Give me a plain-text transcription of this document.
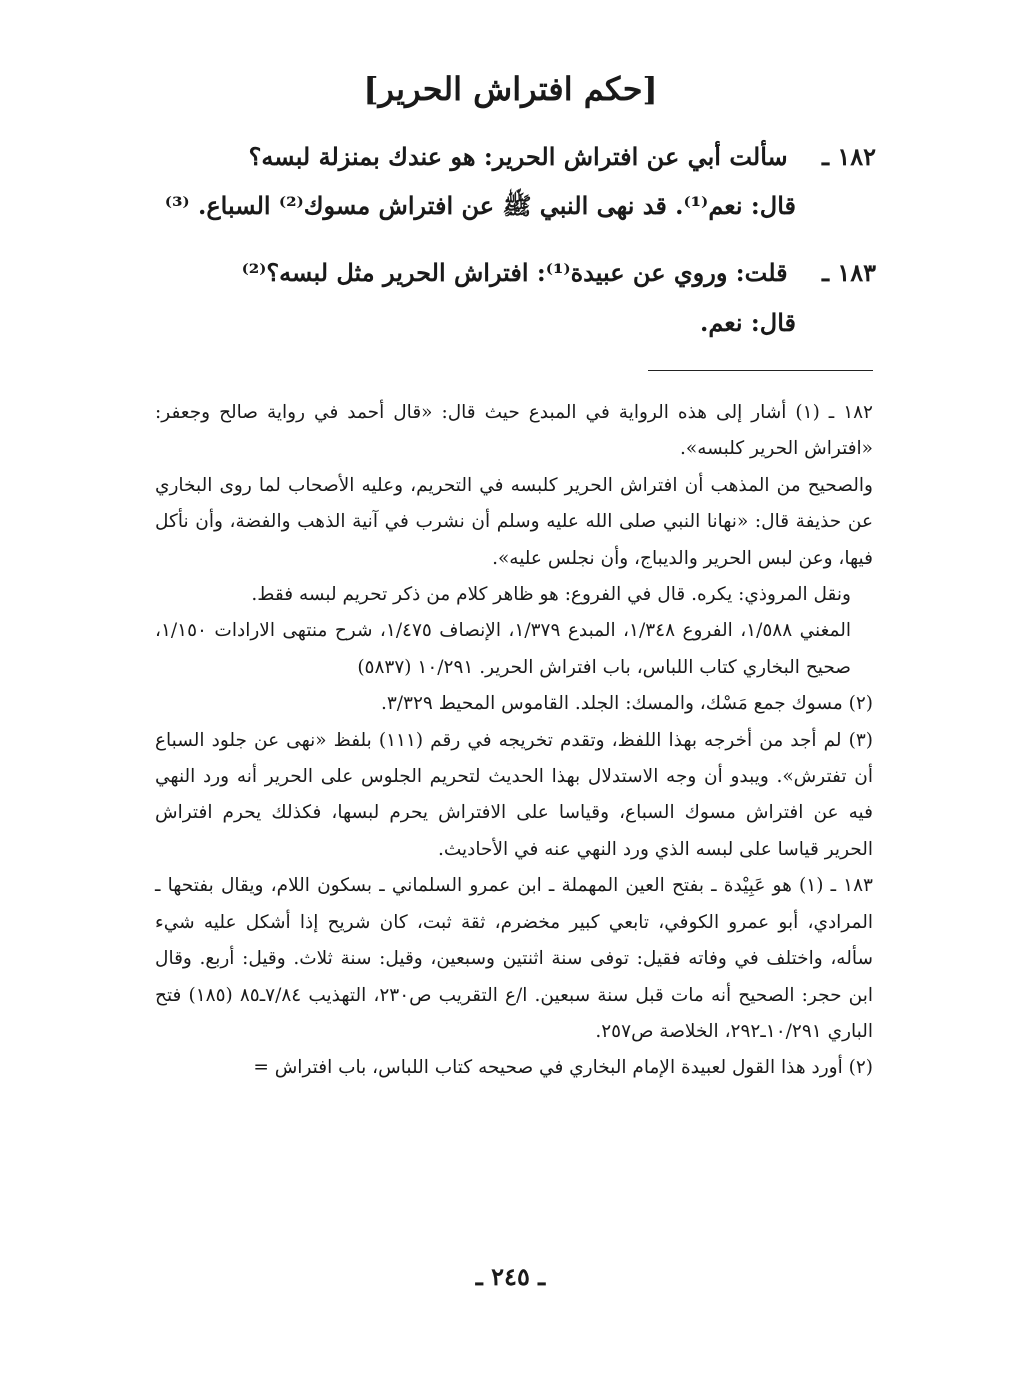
[حكم افتراش الحرير]
١٨٢ ـ سألت أبي عن افتراش الحرير: هو عندك بمنزلة لبسه؟
قال: نعم⁽¹⁾. قد نهى النبي ﷺ عن افتراش مسوك⁽²⁾ السباع. ⁽³⁾
١٨٣ ـ قلت: وروي عن عبيدة⁽¹⁾: افتراش الحرير مثل لبسه؟⁽²⁾
قال: نعم.

١٨٢ ـ (١) أشار إلى هذه الرواية في المبدع حيث قال: «قال أحمد في رواية صالح وجعفر: «افتراش الحرير كلبسه».

والصحيح من المذهب أن افتراش الحرير كلبسه في التحريم، وعليه الأصحاب لما روى البخاري عن حذيفة قال: «نهانا النبي صلى الله عليه وسلم أن نشرب في آنية الذهب والفضة، وأن نأكل فيها، وعن لبس الحرير والديباج، وأن نجلس عليه».

ونقل المروذي: يكره. قال في الفروع: هو ظاهر كلام من ذكر تحريم لبسه فقط.

المغني ١/٥٨٨، الفروع ١/٣٤٨، المبدع ١/٣٧٩، الإنصاف ١/٤٧٥، شرح منتهى الارادات ١/١٥٠، صحيح البخاري كتاب اللباس، باب افتراش الحرير. ١٠/٢٩١ (٥٨٣٧)

(٢) مسوك جمع مَسْك، والمسك: الجلد. القاموس المحيط ٣/٣٢٩.

(٣) لم أجد من أخرجه بهذا اللفظ، وتقدم تخريجه في رقم (١١١) بلفظ «نهى عن جلود السباع أن تفترش». ويبدو أن وجه الاستدلال بهذا الحديث لتحريم الجلوس على الحرير أنه ورد النهي فيه عن افتراش مسوك السباع، وقياسا على الافتراش يحرم لبسها، فكذلك يحرم افتراش الحرير قياسا على لبسه الذي ورد النهي عنه في الأحاديث.

١٨٣ ـ (١) هو عَبِيْدة ـ بفتح العين المهملة ـ ابن عمرو السلماني ـ بسكون اللام، ويقال بفتحها ـ المرادي، أبو عمرو الكوفي، تابعي كبير مخضرم، ثقة ثبت، كان شريح إذا أشكل عليه شيء سأله، واختلف في وفاته فقيل: توفى سنة اثنتين وسبعين، وقيل: سنة ثلاث. وقيل: أربع. وقال ابن حجر: الصحيح أنه مات قبل سنة سبعين. ا/ع التقريب ص٢٣٠، التهذيب ٧/٨٤ـ٨٥ (١٨٥) فتح الباري ١٠/٢٩١ـ٢٩٢، الخلاصة ص٢٥٧.

(٢) أورد هذا القول لعبيدة الإمام البخاري في صحيحه كتاب اللباس، باب افتراش =

ـ ٢٤٥ ـ
